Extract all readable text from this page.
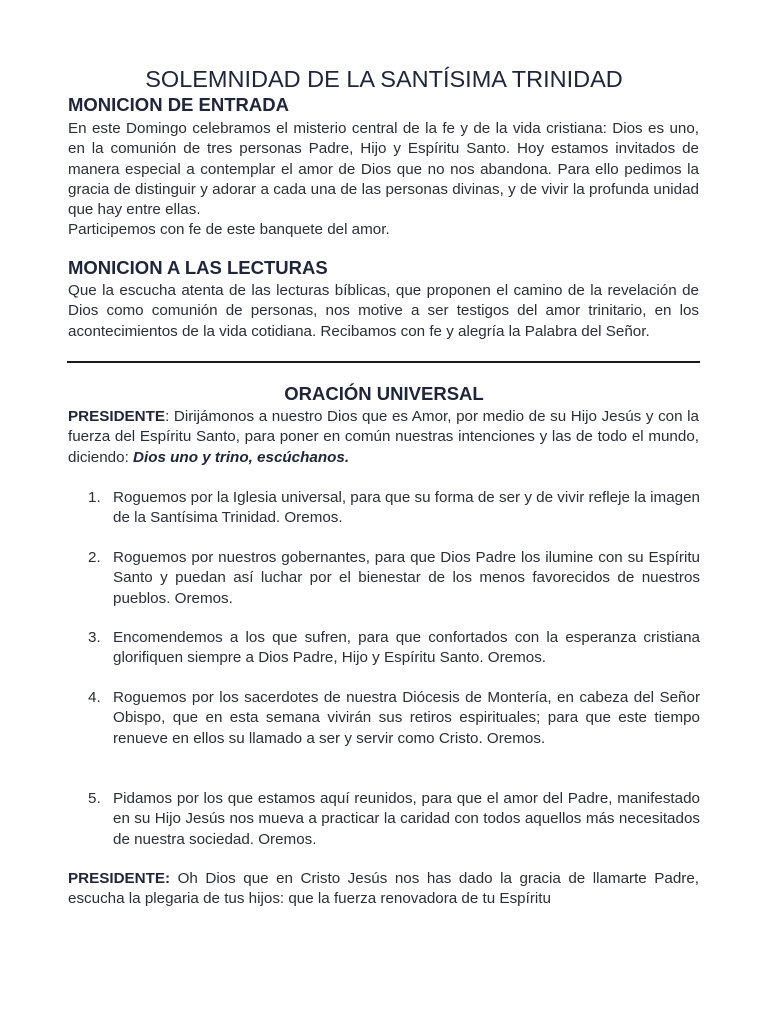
SOLEMNIDAD DE LA SANTÍSIMA TRINIDAD
MONICION DE ENTRADA
En este Domingo celebramos el misterio central de la fe y de la vida cristiana: Dios es uno, en la comunión de tres personas Padre, Hijo y Espíritu Santo. Hoy estamos invitados de manera especial a contemplar el amor de Dios que no nos abandona. Para ello pedimos la gracia de distinguir y adorar a cada una de las personas divinas, y de vivir la profunda unidad que hay entre ellas.
Participemos con fe de este banquete del amor.
MONICION A LAS LECTURAS
Que la escucha atenta de las lecturas bíblicas, que proponen el camino de la revelación de Dios como comunión de personas, nos motive a ser testigos del amor trinitario, en los acontecimientos de la vida cotidiana. Recibamos con fe y alegría la Palabra del Señor.
ORACIÓN UNIVERSAL
PRESIDENTE: Dirijámonos a nuestro Dios que es Amor, por medio de su Hijo Jesús y con la fuerza del Espíritu Santo, para poner en común nuestras intenciones y las de todo el mundo, diciendo: Dios uno y trino, escúchanos.
1. Roguemos por la Iglesia universal, para que su forma de ser y de vivir refleje la imagen de la Santísima Trinidad. Oremos.
2. Roguemos por nuestros gobernantes, para que Dios Padre los ilumine con su Espíritu Santo y puedan así luchar por el bienestar de los menos favorecidos de nuestros pueblos. Oremos.
3. Encomendemos a los que sufren, para que confortados con la esperanza cristiana glorifiquen siempre a Dios Padre, Hijo y Espíritu Santo. Oremos.
4. Roguemos por los sacerdotes de nuestra Diócesis de Montería, en cabeza del Señor Obispo, que en esta semana vivirán sus retiros espirituales; para que este tiempo renueve en ellos su llamado a ser y servir como Cristo. Oremos.
5. Pidamos por los que estamos aquí reunidos, para que el amor del Padre, manifestado en su Hijo Jesús nos mueva a practicar la caridad con todos aquellos más necesitados de nuestra sociedad. Oremos.
PRESIDENTE: Oh Dios que en Cristo Jesús nos has dado la gracia de llamarte Padre, escucha la plegaria de tus hijos: que la fuerza renovadora de tu Espíritu
